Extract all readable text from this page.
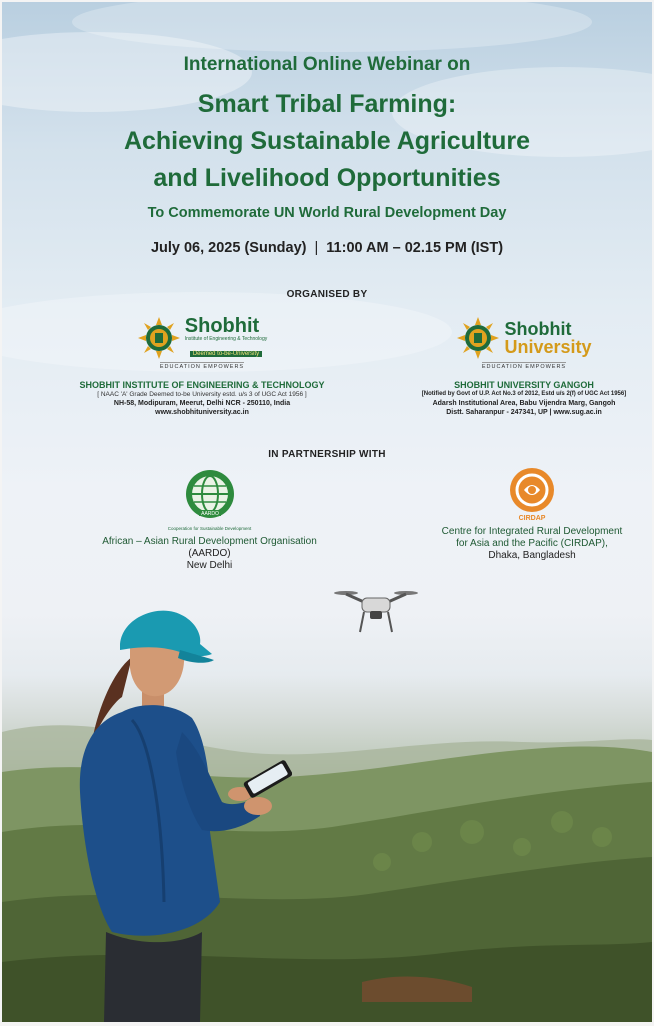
International Online Webinar on
Smart Tribal Farming:
Achieving Sustainable Agriculture
and Livelihood Opportunities
To Commemorate UN World Rural Development Day
July 06, 2025 (Sunday) | 11:00 AM – 02.15 PM (IST)
ORGANISED BY
Shobhit
Institute of Engineering & Technology
Deemed to-be-University
EDUCATION EMPOWERS
SHOBHIT INSTITUTE OF ENGINEERING & TECHNOLOGY
[ NAAC 'A' Grade Deemed to-be University estd. u/s 3 of UGC Act 1956 ]
NH-58, Modipuram, Meerut, Delhi NCR - 250110, India
www.shobhituniversity.ac.in
Shobhit
University
EDUCATION EMPOWERS
SHOBHIT UNIVERSITY GANGOH
[Notified by Govt of U.P. Act No.3 of 2012, Estd u/s 2(f) of UGC Act 1956]
Adarsh Institutional Area, Babu Vijendra Marg, Gangoh
Distt. Saharanpur - 247341, UP | www.sug.ac.in
IN PARTNERSHIP WITH
AARDO
Cooperation for Sustainable Development
African – Asian Rural Development Organisation
(AARDO)
New Delhi
CIRDAP
Centre for Integrated Rural Development
for Asia and the Pacific (CIRDAP),
Dhaka, Bangladesh
